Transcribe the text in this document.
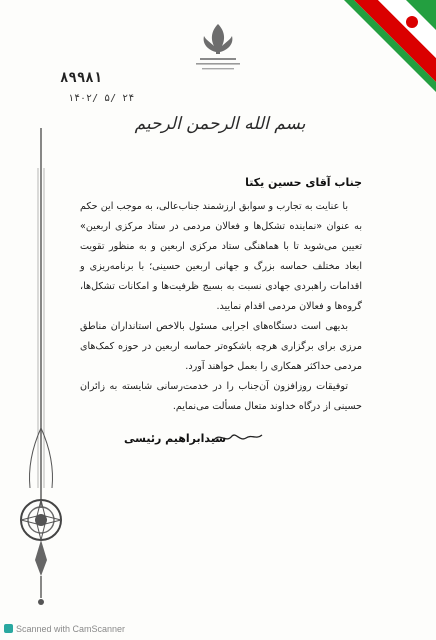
۸۹۹۸۱
۱۴۰۲/ ۵/ ۲۴
بسم الله الرحمن الرحیم
جناب آقای حسین یکتا

با عنایت به تجارب و سوابق ارزشمند جناب‌عالی، به موجب این حکم به عنوان «نماینده تشکل‌ها و فعالان مردمی در ستاد مرکزی اربعین» تعیین می‌شوید تا با هماهنگی ستاد مرکزی اربعین و به منظور تقویت ابعاد مختلف حماسه بزرگ و جهانی اربعین حسینی؛ با برنامه‌ریزی و اقدامات راهبردی جهادی نسبت به بسیج ظرفیت‌ها و امکانات تشکل‌ها، گروه‌ها و فعالان مردمی اقدام نمایید.

بدیهی است دستگاه‌های اجرایی مسئول بالاخص استانداران مناطق مرزی برای برگزاری هرچه باشکوه‌تر حماسه اربعین در حوزه کمک‌های مردمی حداکثر همکاری را بعمل خواهند آورد.

توفیقات روزافزون آن‌جناب را در خدمت‌رسانی شایسته به زائران حسینی از درگاه خداوند متعال مسألت می‌نمایم.

سیدابراهیم رئیسی
Scanned with CamScanner
